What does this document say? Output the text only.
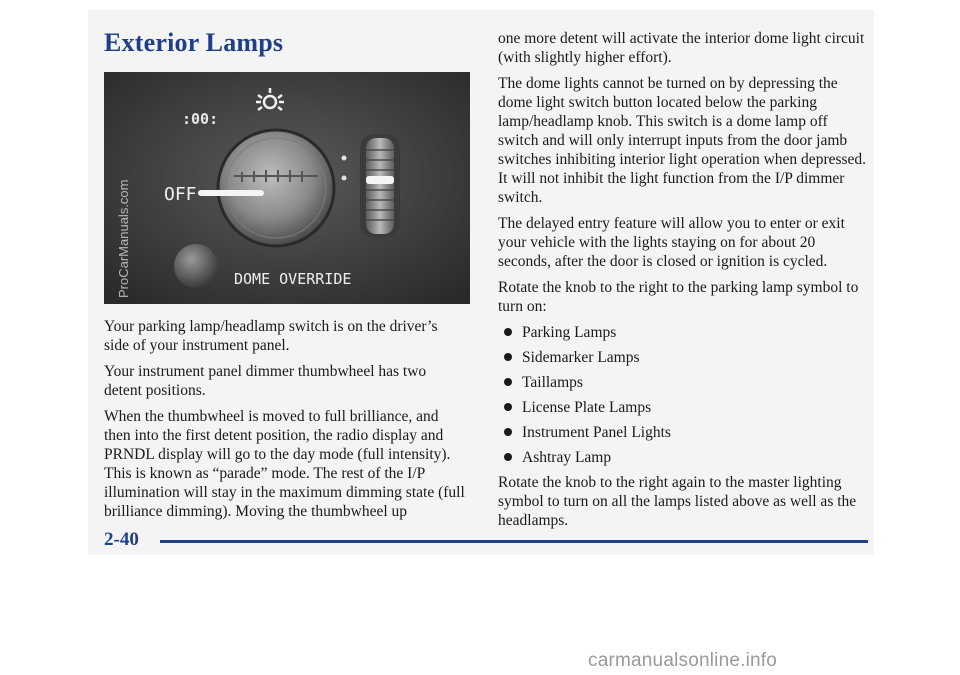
Exterior Lamps
:00:
OFF
DOME OVERRIDE
ProCarManuals.com

Your parking lamp/headlamp switch is on the driver’s side of your instrument panel.

Your instrument panel dimmer thumbwheel has two detent positions.

When the thumbwheel is moved to full brilliance, and then into the first detent position, the radio display and PRNDL display will go to the day mode (full intensity). This is known as “parade” mode. The rest of the I/P illumination will stay in the maximum dimming state (full brilliance dimming). Moving the thumbwheel up

one more detent will activate the interior dome light circuit (with slightly higher effort).

The dome lights cannot be turned on by depressing the dome light switch button located below the parking lamp/headlamp knob. This switch is a dome lamp off switch and will only interrupt inputs from the door jamb switches inhibiting interior light operation when depressed. It will not inhibit the light function from the I/P dimmer switch.

The delayed entry feature will allow you to enter or exit your vehicle with the lights staying on for about 20 seconds, after the door is closed or ignition is cycled.

Rotate the knob to the right to the parking lamp symbol to turn on:

Parking Lamps
Sidemarker Lamps
Taillamps
License Plate Lamps
Instrument Panel Lights
Ashtray Lamp

Rotate the knob to the right again to the master lighting symbol to turn on all the lamps listed above as well as the headlamps.

2-40
carmanualsonline.info
